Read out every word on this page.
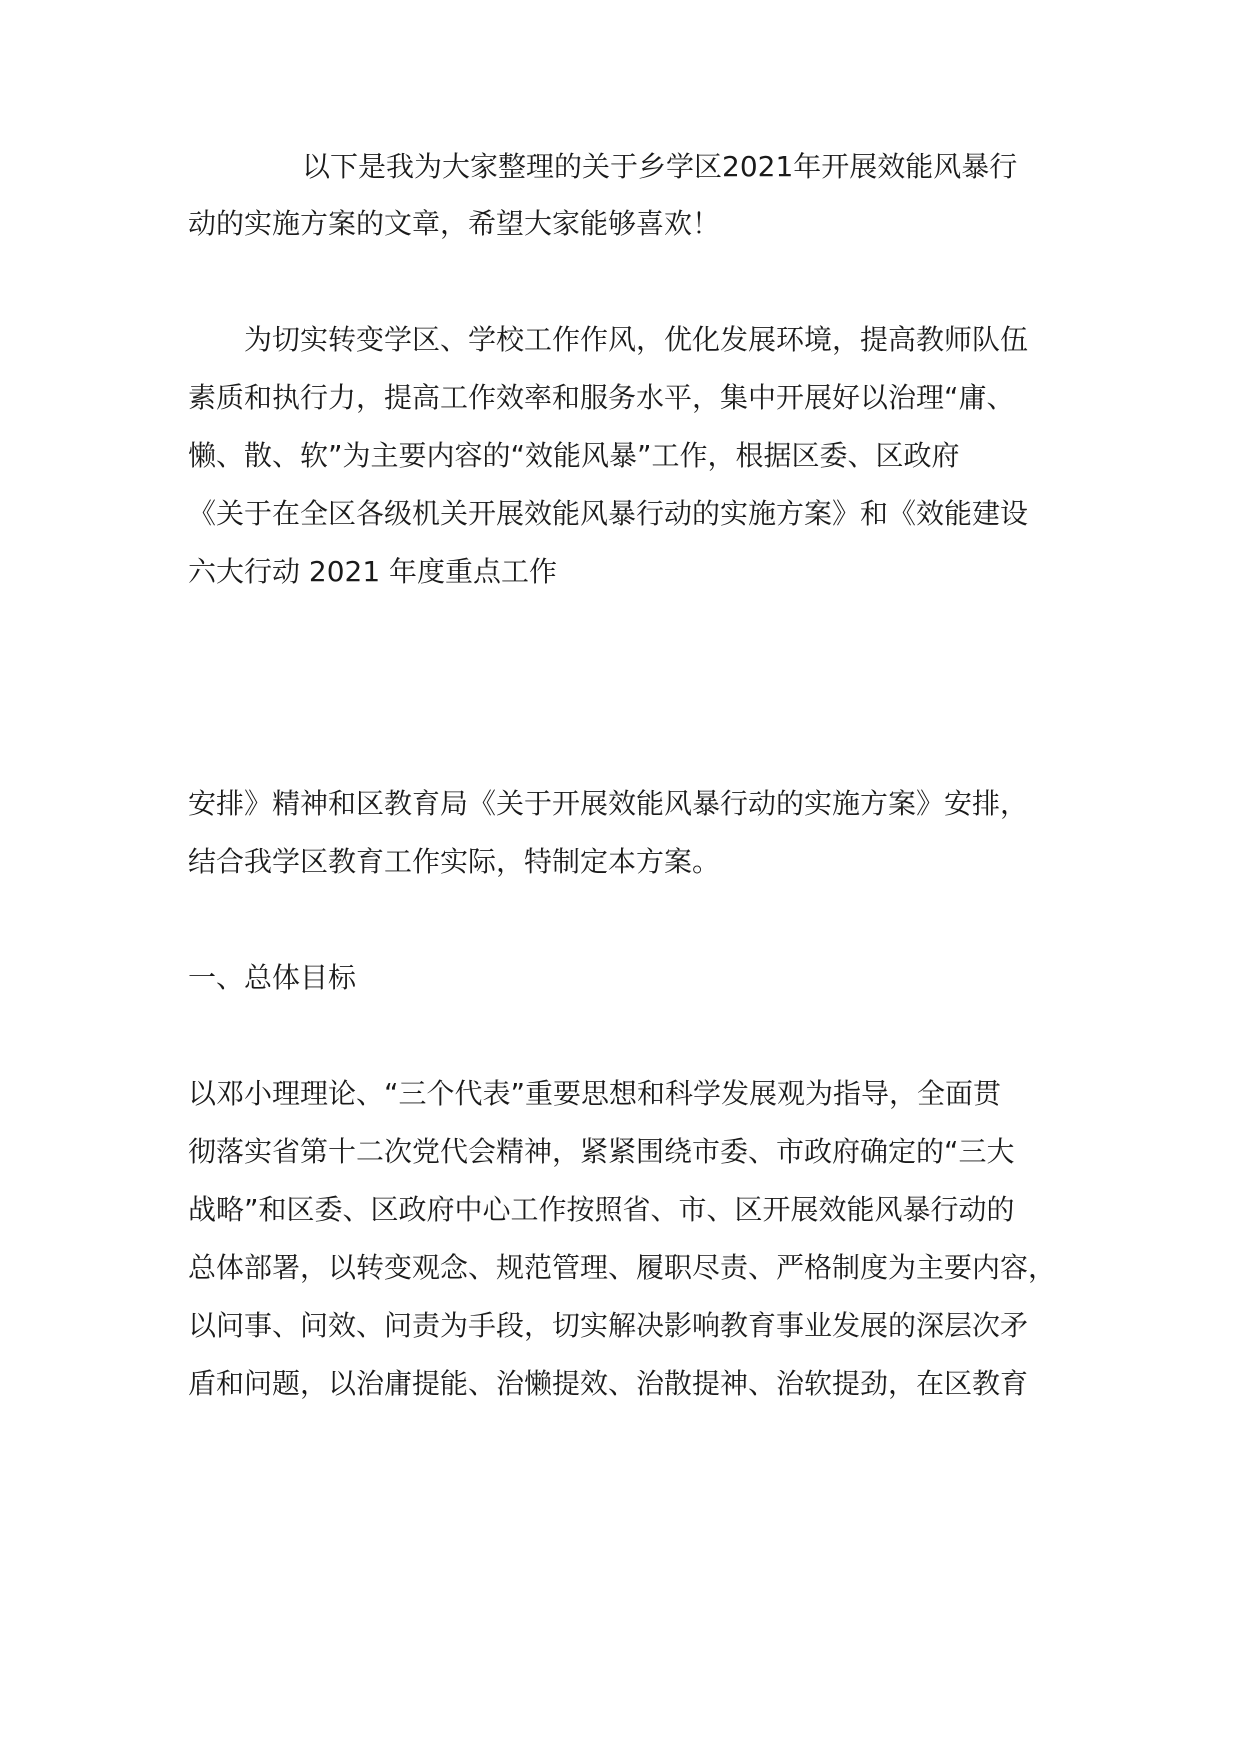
以下是我为大家整理的关于乡学区2021年开展效能风暴行
动的实施方案的文章，希望大家能够喜欢！
为切实转变学区、学校工作作风，优化发展环境，提高教师队伍
素质和执行力，提高工作效率和服务水平，集中开展好以治理“庸、
懒、散、软”为主要内容的“效能风暴”工作，根据区委、区政府
《关于在全区各级机关开展效能风暴行动的实施方案》和《效能建设
六大行动 2021 年度重点工作
安排》精神和区教育局《关于开展效能风暴行动的实施方案》安排，
结合我学区教育工作实际，特制定本方案。
一、总体目标
以邓小理理论、“三个代表”重要思想和科学发展观为指导，全面贯
彻落实省第十二次党代会精神，紧紧围绕市委、市政府确定的“三大
战略”和区委、区政府中心工作按照省、市、区开展效能风暴行动的
总体部署，以转变观念、规范管理、履职尽责、严格制度为主要内容，
以问事、问效、问责为手段，切实解决影响教育事业发展的深层次矛
盾和问题，以治庸提能、治懒提效、治散提神、治软提劲，在区教育
